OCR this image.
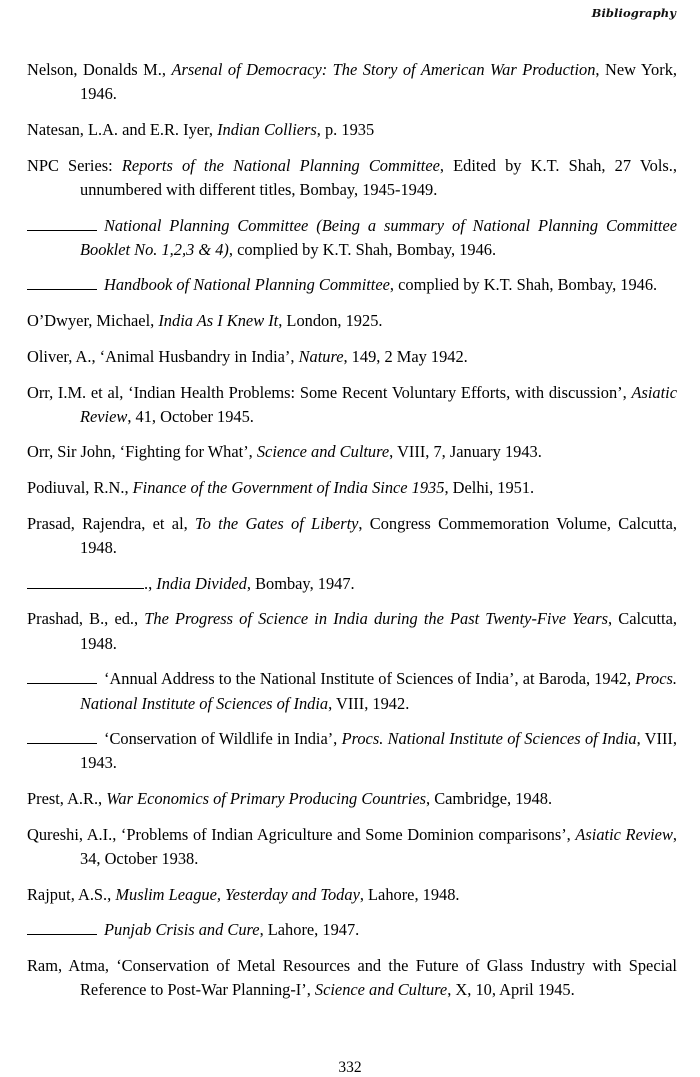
Bibliography

Nelson, Donalds M., Arsenal of Democracy: The Story of American War Production, New York, 1946.

Natesan, L.A. and E.R. Iyer, Indian Colliers, p. 1935

NPC Series: Reports of the National Planning Committee, Edited by K.T. Shah, 27 Vols., unnumbered with different titles, Bombay, 1945-1949.

National Planning Committee (Being a summary of National Planning Committee Booklet No. 1,2,3 & 4), complied by K.T. Shah, Bombay, 1946.

Handbook of National Planning Committee, complied by K.T. Shah, Bombay, 1946.

O’Dwyer, Michael, India As I Knew It, London, 1925.

Oliver, A., ‘Animal Husbandry in India’, Nature, 149, 2 May 1942.

Orr, I.M. et al, ‘Indian Health Problems: Some Recent Voluntary Efforts, with discussion’, Asiatic Review, 41, October 1945.

Orr, Sir John, ‘Fighting for What’, Science and Culture, VIII, 7, January 1943.

Podiuval, R.N., Finance of the Government of India Since 1935, Delhi, 1951.

Prasad, Rajendra, et al, To the Gates of Liberty, Congress Commemoration Volume, Calcutta, 1948.

., India Divided, Bombay, 1947.

Prashad, B., ed., The Progress of Science in India during the Past Twenty-Five Years, Calcutta, 1948.

‘Annual Address to the National Institute of Sciences of India’, at Baroda, 1942, Procs. National Institute of Sciences of India, VIII, 1942.

‘Conservation of Wildlife in India’, Procs. National Institute of Sciences of India, VIII, 1943.

Prest, A.R., War Economics of Primary Producing Countries, Cambridge, 1948.

Qureshi, A.I., ‘Problems of Indian Agriculture and Some Dominion comparisons’, Asiatic Review, 34, October 1938.

Rajput, A.S., Muslim League, Yesterday and Today, Lahore, 1948.

Punjab Crisis and Cure, Lahore, 1947.

Ram, Atma, ‘Conservation of Metal Resources and the Future of Glass Industry with Special Reference to Post-War Planning-I’, Science and Culture, X, 10, April 1945.

332
